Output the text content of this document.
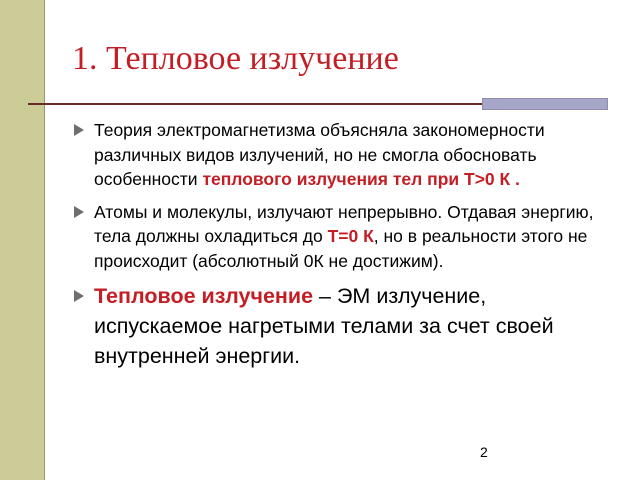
1. Тепловое излучение
Теория электромагнетизма объясняла закономерности различных видов излучений, но не смогла обосновать особенности теплового излучения тел при Т>0 К .
Атомы и молекулы, излучают непрерывно. Отдавая энергию, тела должны охладиться до Т=0 К, но в реальности этого не происходит (абсолютный 0К не достижим).
Тепловое излучение – ЭМ излучение, испускаемое нагретыми телами за счет своей внутренней энергии.
2
